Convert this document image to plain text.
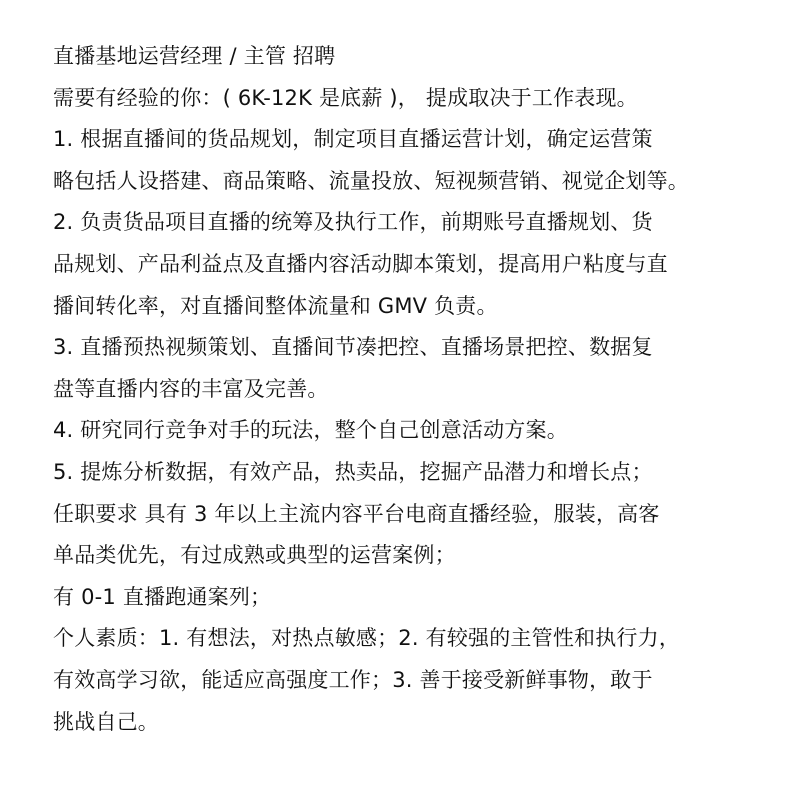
直播基地运营经理 / 主管 招聘
需要有经验的你：( 6K-12K 是底薪 )， 提成取决于工作表现。
1. 根据直播间的货品规划，制定项目直播运营计划，确定运营策
略包括人设搭建、商品策略、流量投放、短视频营销、视觉企划等。
2. 负责货品项目直播的统筹及执行工作，前期账号直播规划、货
品规划、产品利益点及直播内容活动脚本策划，提高用户粘度与直
播间转化率，对直播间整体流量和 GMV 负责。
3. 直播预热视频策划、直播间节凑把控、直播场景把控、数据复
盘等直播内容的丰富及完善。
4. 研究同行竞争对手的玩法，整个自己创意活动方案。
5. 提炼分析数据，有效产品，热卖品，挖掘产品潜力和增长点；
任职要求 具有 3 年以上主流内容平台电商直播经验，服装，高客
单品类优先，有过成熟或典型的运营案例；
有 0-1 直播跑通案列；
个人素质：1. 有想法，对热点敏感；2. 有较强的主管性和执行力，
有效高学习欲，能适应高强度工作；3. 善于接受新鲜事物，敢于
挑战自己。
